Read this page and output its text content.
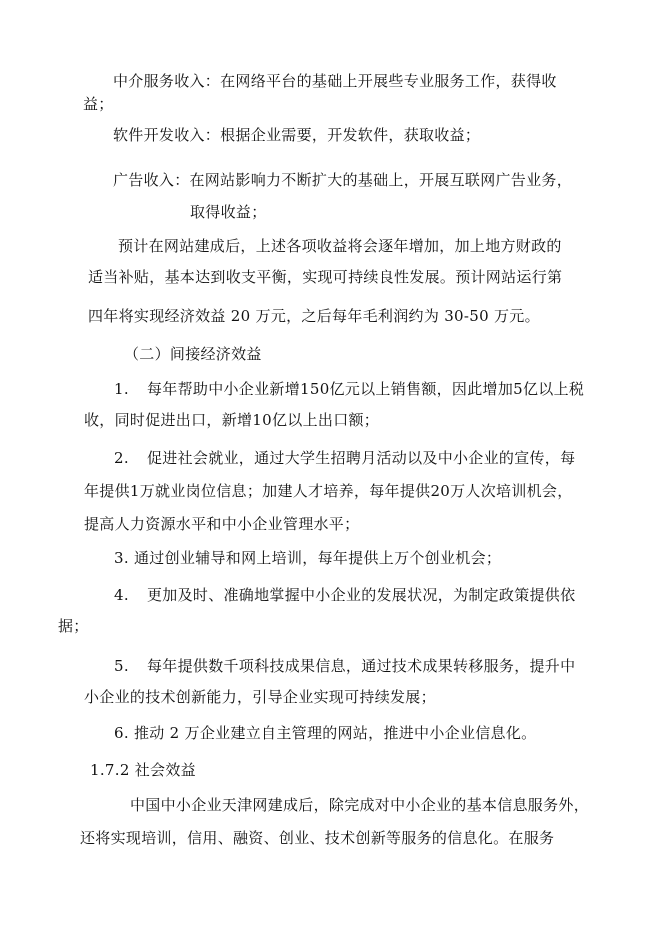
中介服务收入：在网络平台的基础上开展些专业服务工作，获得收
益；
软件开发收入：根据企业需要，开发软件，获取收益；
广告收入：在网站影响力不断扩大的基础上，开展互联网广告业务，
取得收益；
预计在网站建成后，上述各项收益将会逐年增加，加上地方财政的
适当补贴，基本达到收支平衡，实现可持续良性发展。预计网站运行第
四年将实现经济效益 20 万元，之后每年毛利润约为 30-50 万元。
（二）间接经济效益
1. 每年帮助中小企业新增150亿元以上销售额，因此增加5亿以上税
收，同时促进出口，新增10亿以上出口额；
2. 促进社会就业，通过大学生招聘月活动以及中小企业的宣传，每
年提供1万就业岗位信息；加建人才培养，每年提供20万人次培训机会，
提高人力资源水平和中小企业管理水平；
3. 通过创业辅导和网上培训，每年提供上万个创业机会；
4. 更加及时、准确地掌握中小企业的发展状况，为制定政策提供依
据；
5. 每年提供数千项科技成果信息，通过技术成果转移服务，提升中
小企业的技术创新能力，引导企业实现可持续发展；
6. 推动 2 万企业建立自主管理的网站，推进中小企业信息化。
1.7.2 社会效益
中国中小企业天津网建成后，除完成对中小企业的基本信息服务外，
还将实现培训，信用、融资、创业、技术创新等服务的信息化。在服务
